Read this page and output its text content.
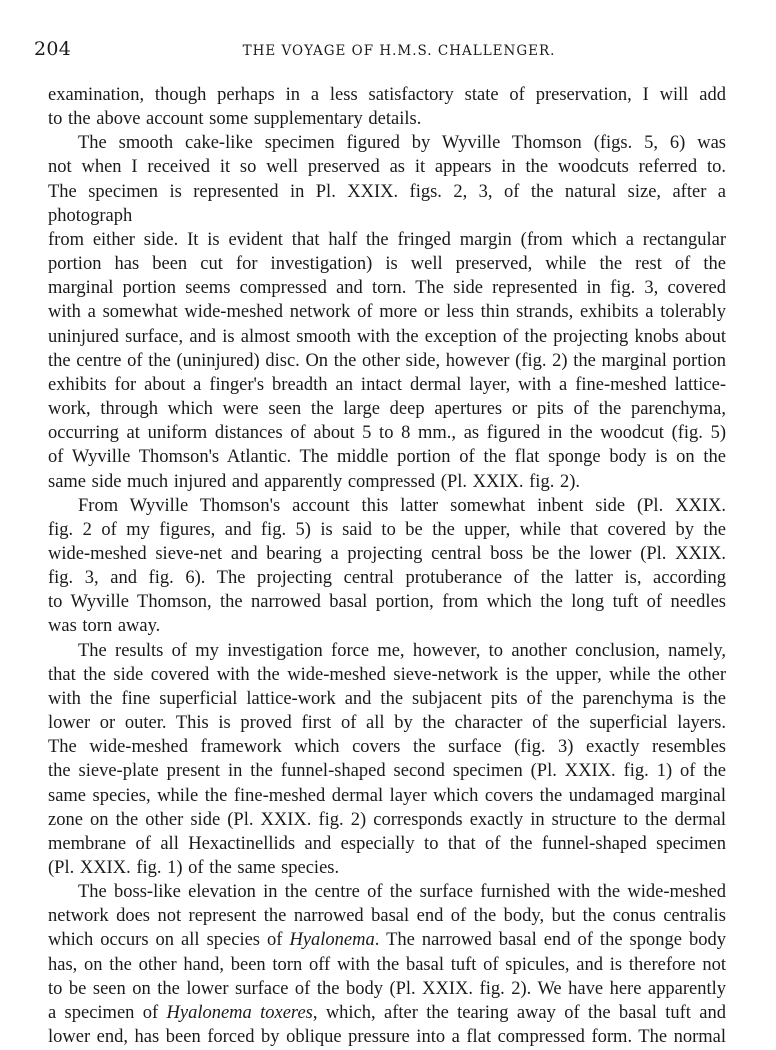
204	THE VOYAGE OF H.M.S. CHALLENGER.
examination, though perhaps in a less satisfactory state of preservation, I will add
to the above account some supplementary details.
The smooth cake-like specimen figured by Wyville Thomson (figs. 5, 6) was
not when I received it so well preserved as it appears in the woodcuts referred to.
The specimen is represented in Pl. XXIX. figs. 2, 3, of the natural size, after a photograph
from either side. It is evident that half the fringed margin (from which a rectangular
portion has been cut for investigation) is well preserved, while the rest of the
marginal portion seems compressed and torn. The side represented in fig. 3, covered
with a somewhat wide-meshed network of more or less thin strands, exhibits a tolerably
uninjured surface, and is almost smooth with the exception of the projecting knobs about
the centre of the (uninjured) disc. On the other side, however (fig. 2) the marginal portion
exhibits for about a finger's breadth an intact dermal layer, with a fine-meshed lattice-
work, through which were seen the large deep apertures or pits of the parenchyma,
occurring at uniform distances of about 5 to 8 mm., as figured in the woodcut (fig. 5)
of Wyville Thomson's Atlantic. The middle portion of the flat sponge body is on the
same side much injured and apparently compressed (Pl. XXIX. fig. 2).
From Wyville Thomson's account this latter somewhat inbent side (Pl. XXIX.
fig. 2 of my figures, and fig. 5) is said to be the upper, while that covered by the
wide-meshed sieve-net and bearing a projecting central boss be the lower (Pl. XXIX.
fig. 3, and fig. 6). The projecting central protuberance of the latter is, according
to Wyville Thomson, the narrowed basal portion, from which the long tuft of needles
was torn away.
The results of my investigation force me, however, to another conclusion, namely,
that the side covered with the wide-meshed sieve-network is the upper, while the other
with the fine superficial lattice-work and the subjacent pits of the parenchyma is the
lower or outer. This is proved first of all by the character of the superficial layers.
The wide-meshed framework which covers the surface (fig. 3) exactly resembles
the sieve-plate present in the funnel-shaped second specimen (Pl. XXIX. fig. 1) of the
same species, while the fine-meshed dermal layer which covers the undamaged marginal
zone on the other side (Pl. XXIX. fig. 2) corresponds exactly in structure to the dermal
membrane of all Hexactinellids and especially to that of the funnel-shaped specimen
(Pl. XXIX. fig. 1) of the same species.
The boss-like elevation in the centre of the surface furnished with the wide-meshed
network does not represent the narrowed basal end of the body, but the conus centralis
which occurs on all species of Hyalonema. The narrowed basal end of the sponge body
has, on the other hand, been torn off with the basal tuft of spicules, and is therefore not
to be seen on the lower surface of the body (Pl. XXIX. fig. 2). We have here apparently
a specimen of Hyalonema toxeres, which, after the tearing away of the basal tuft and
lower end, has been forced by oblique pressure into a flat compressed form. The normal
